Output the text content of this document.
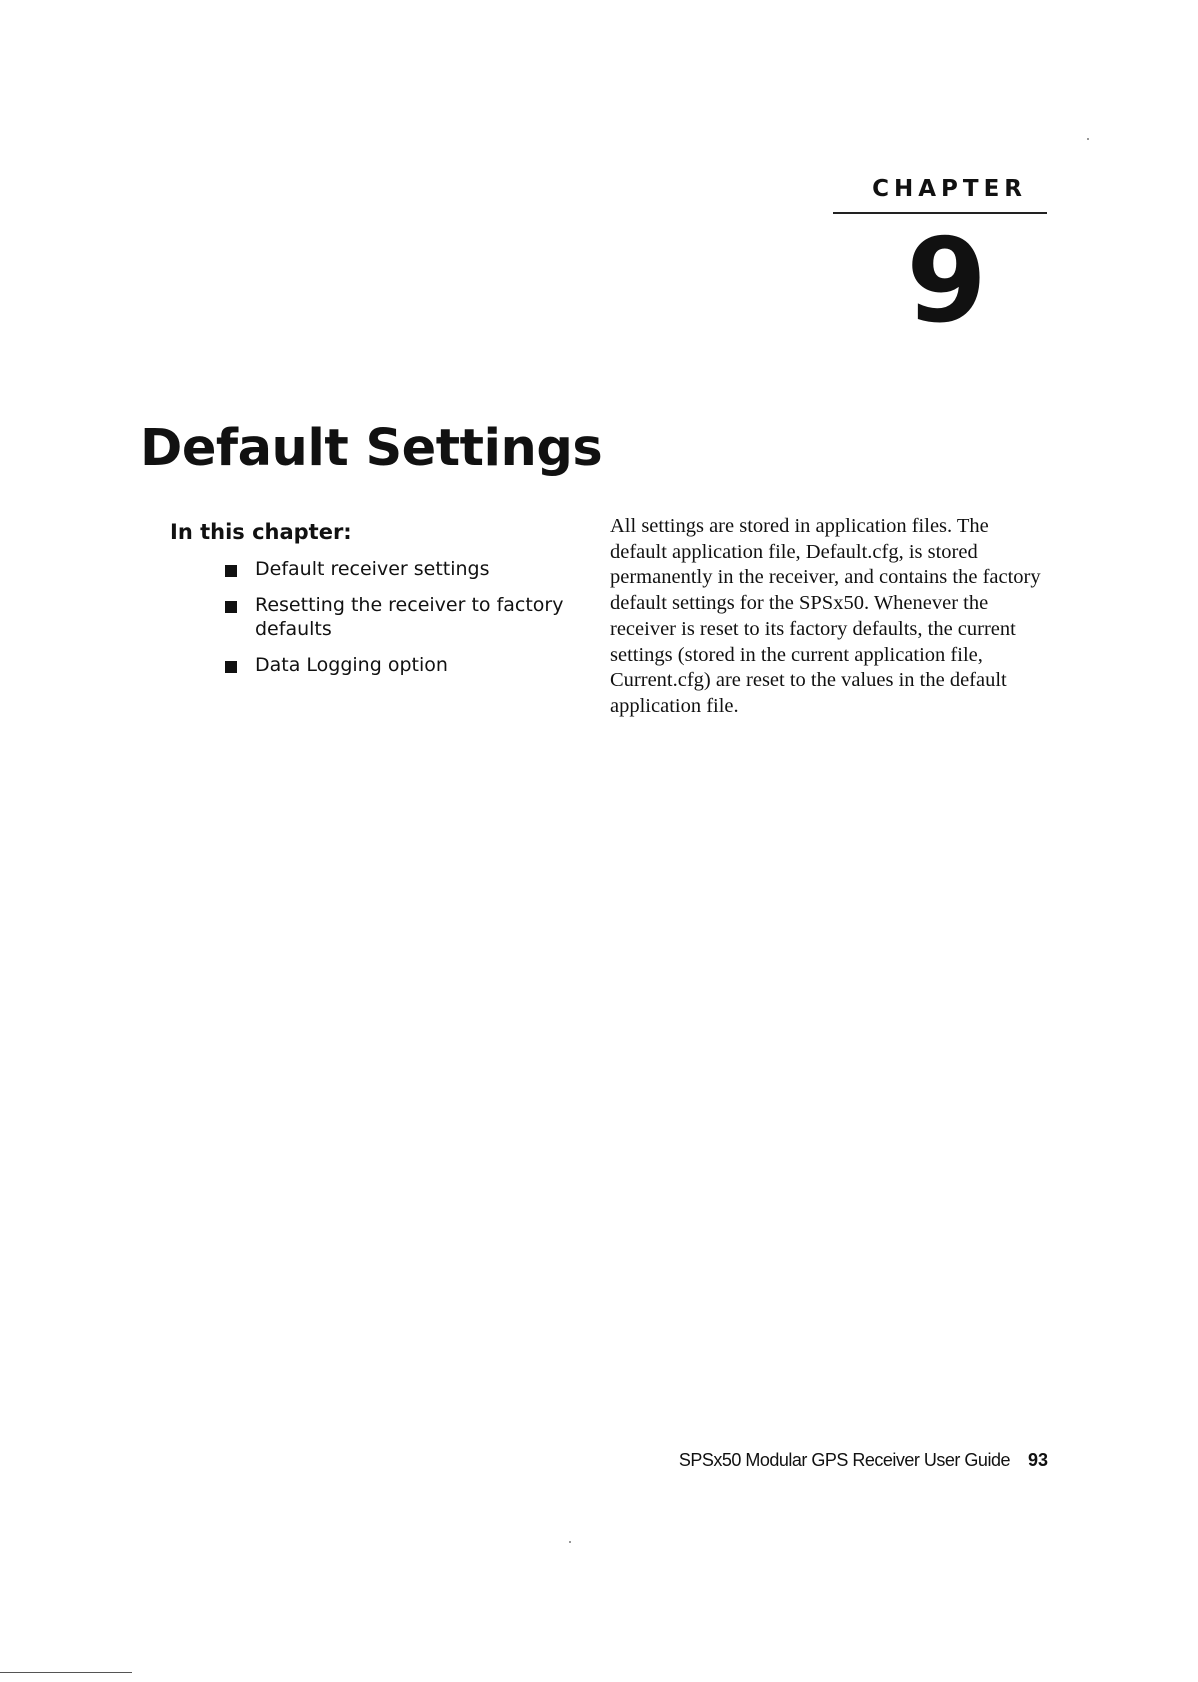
CHAPTER
9
Default Settings
In this chapter:
Default receiver settings
Resetting the receiver to factory defaults
Data Logging option

All settings are stored in application files. The default application file, Default.cfg, is stored permanently in the receiver, and contains the factory default settings for the SPSx50. Whenever the receiver is reset to its factory defaults, the current settings (stored in the current application file, Current.cfg) are reset to the values in the default application file.

SPSx50 Modular GPS Receiver User Guide 93
